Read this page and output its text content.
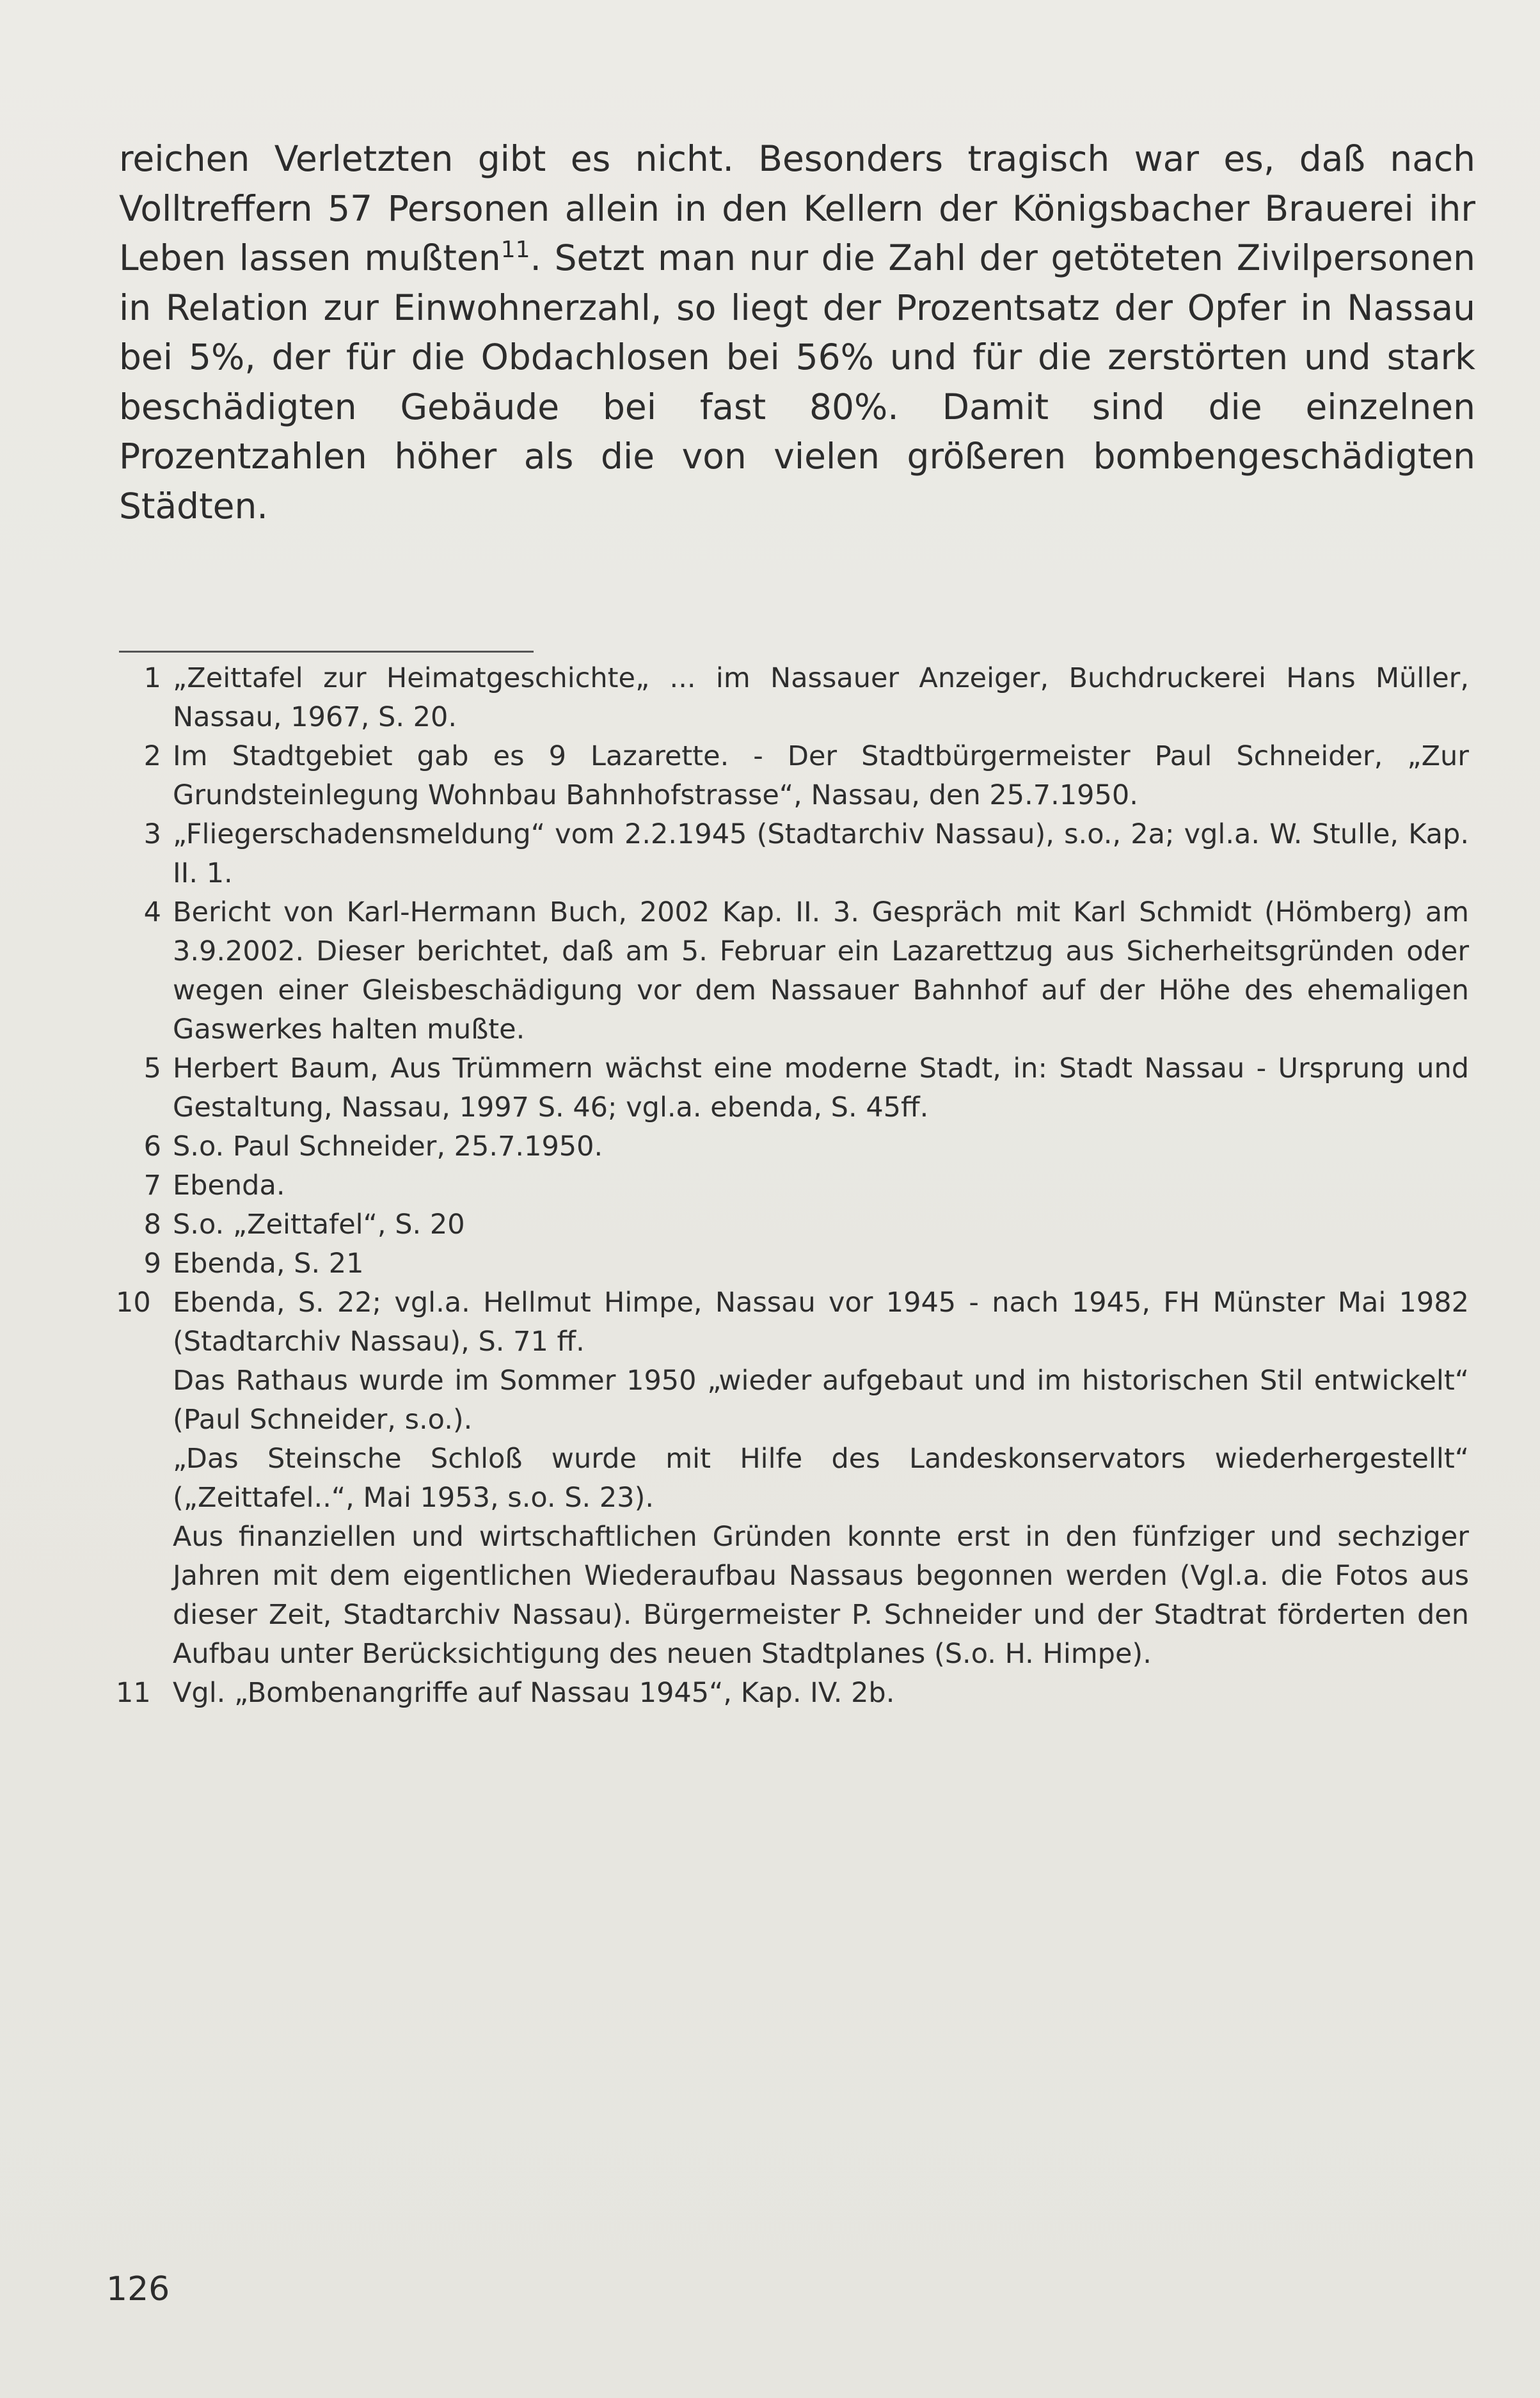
reichen Verletzten gibt es nicht. Besonders tragisch war es, daß nach Volltreffern 57 Personen allein in den Kellern der Königsbacher Brauerei ihr Leben lassen mußten$^{11}$. Setzt man nur die Zahl der getöteten Zivilpersonen in Relation zur Einwohnerzahl, so liegt der Prozentsatz der Opfer in Nassau bei 5%, der für die Obdachlosen bei 56% und für die zerstörten und stark beschädigten Gebäude bei fast 80%. Damit sind die einzelnen Prozentzahlen höher als die von vielen größeren bombengeschädigten Städten.

1 „Zeittafel zur Heimatgeschichte„ ... im Nassauer Anzeiger, Buchdruckerei Hans Müller, Nassau, 1967, S. 20.

2 Im Stadtgebiet gab es 9 Lazarette. - Der Stadtbürgermeister Paul Schneider, „Zur Grundsteinlegung Wohnbau Bahnhofstrasse“, Nassau, den 25.7.1950.

3 „Fliegerschadensmeldung“ vom 2.2.1945 (Stadtarchiv Nassau), s.o., 2a; vgl.a. W. Stulle, Kap. II. 1.

4 Bericht von Karl-Hermann Buch, 2002 Kap. II. 3. Gespräch mit Karl Schmidt (Hömberg) am 3.9.2002. Dieser berichtet, daß am 5. Februar ein Lazarettzug aus Sicherheitsgründen oder wegen einer Gleisbeschädigung vor dem Nassauer Bahnhof auf der Höhe des ehemaligen Gaswerkes halten mußte.

5 Herbert Baum, Aus Trümmern wächst eine moderne Stadt, in: Stadt Nassau - Ursprung und Gestaltung, Nassau, 1997 S. 46; vgl.a. ebenda, S. 45ff.

6 S.o. Paul Schneider, 25.7.1950.

7 Ebenda.

8 S.o. „Zeittafel“, S. 20

9 Ebenda, S. 21

10 Ebenda, S. 22; vgl.a. Hellmut Himpe, Nassau vor 1945 - nach 1945, FH Münster Mai 1982 (Stadtarchiv Nassau), S. 71 ff.

Das Rathaus wurde im Sommer 1950 „wieder aufgebaut und im historischen Stil entwickelt“ (Paul Schneider, s.o.).

„Das Steinsche Schloß wurde mit Hilfe des Landeskonservators wiederhergestellt“ („Zeittafel..“, Mai 1953, s.o. S. 23).

Aus finanziellen und wirtschaftlichen Gründen konnte erst in den fünfziger und sechziger Jahren mit dem eigentlichen Wiederaufbau Nassaus begonnen werden (Vgl.a. die Fotos aus dieser Zeit, Stadtarchiv Nassau). Bürgermeister P. Schneider und der Stadtrat förderten den Aufbau unter Berücksichtigung des neuen Stadtplanes (S.o. H. Himpe).

11 Vgl. „Bombenangriffe auf Nassau 1945“, Kap. IV. 2b.

126
